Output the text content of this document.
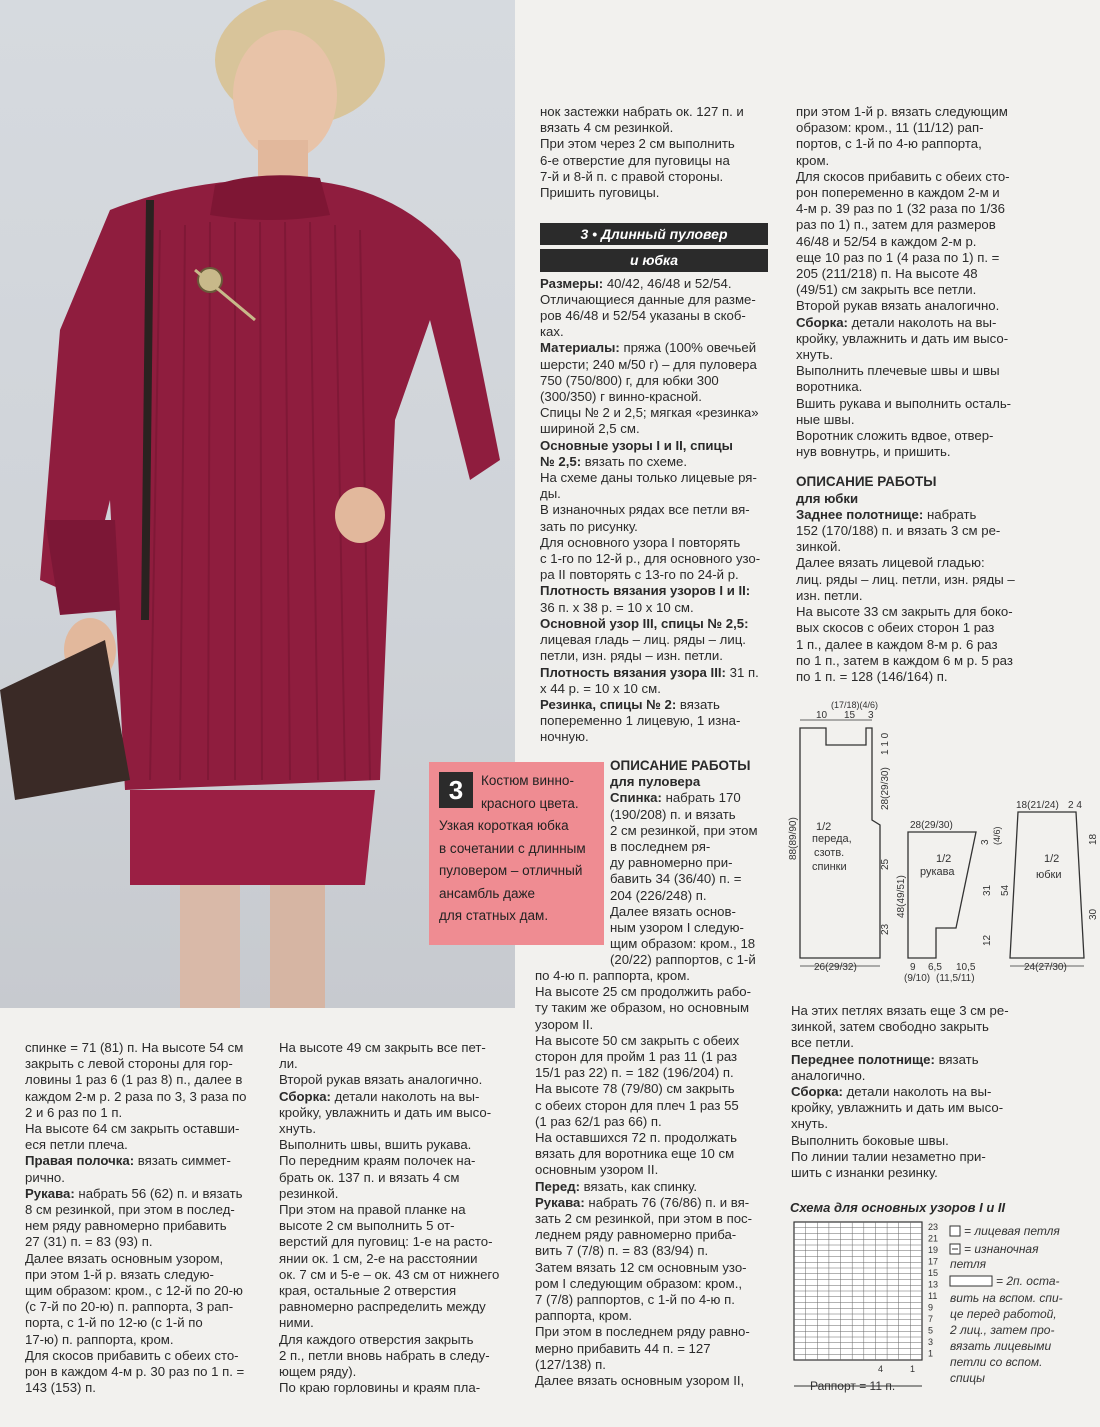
3	Костюм винно-
красного цвета.
Узкая короткая юбка
в сочетании с длинным
пуловером – отличный
ансамбль даже
для статных дам.

нок застежки набрать ок. 127 п. и

вязать 4 см резинкой.

При этом через 2 см выполнить

6-е отверстие для пуговицы на

7-й и 8-й п. с правой стороны.

Пришить пуговицы.

3 • Длинный пуловер
и юбка

Размеры: 40/42, 46/48 и 52/54.

Отличающиеся данные для разме-

ров 46/48 и 52/54 указаны в скоб-

ках.

Материалы: пряжа (100% овечьей

шерсти; 240 м/50 г) – для пуловера

750 (750/800) г, для юбки 300

(300/350) г винно-красной.

Спицы № 2 и 2,5; мягкая «резинка»

шириной 2,5 см.

Основные узоры I и II, спицы

№ 2,5: вязать по схеме.

На схеме даны только лицевые ря-

ды.

В изнаночных рядах все петли вя-

зать по рисунку.

Для основного узора I повторять

с 1-го по 12-й р., для основного узо-

ра II повторять с 13-го по 24-й р.

Плотность вязания узоров I и II:

36 п. х 38 р. = 10 х 10 см.

Основной узор III, спицы № 2,5:

лицевая гладь – лиц. ряды – лиц.

петли, изн. ряды – изн. петли.

Плотность вязания узора III: 31 п.

х 44 р. = 10 х 10 см.

Резинка, спицы № 2: вязать

попеременно 1 лицевую, 1 изна-

ночную.

ОПИСАНИЕ РАБОТЫ

для пуловера

Спинка: набрать 170

(190/208) п. и вязать

2 см резинкой, при этом

в последнем ря-

ду равномерно при-

бавить 34 (36/40) п. =

204 (226/248) п.

Далее вязать основ-

ным узором I следую-

щим образом: кром., 18

(20/22) раппортов, с 1-й

при этом 1-й р. вязать следующим

образом: кром., 11 (11/12) рап-

портов, с 1-й по 4-ю раппорта,

кром.

Для скосов прибавить с обеих сто-

рон попеременно в каждом 2-м и

4-м р. 39 раз по 1 (32 раза по 1/36

раз по 1) п., затем для размеров

46/48 и 52/54 в каждом 2-м р.

еще 10 раз по 1 (4 раза по 1) п. =

205 (211/218) п. На высоте 48

(49/51) см закрыть все петли.

Второй рукав вязать аналогично.

Сборка: детали наколоть на вы-

кройку, увлажнить и дать им высо-

хнуть.

Выполнить плечевые швы и швы

воротника.

Вшить рукава и выполнить осталь-

ные швы.

Воротник сложить вдвое, отвер-

нув вовнутрь, и пришить.

ОПИСАНИЕ РАБОТЫ

для юбки

Заднее полотнище: набрать

152 (170/188) п. и вязать 3 см ре-

зинкой.

Далее вязать лицевой гладью:

лиц. ряды – лиц. петли, изн. ряды –

изн. петли.

На высоте 33 см закрыть для боко-

вых скосов с обеих сторон 1 раз

1 п., далее в каждом 8-м р. 6 раз

по 1 п., затем в каждом 6 м р. 5 раз

по 1 п. = 128 (146/164) п.

10 15 3
(17/18)(4/6)
1/2
переда,
сзотв.
спинки
88(89/90)
28(29/30)
1 1 0
25
23
48(49/51)
26(29/32)
28(29/30)
1/2
рукава
3 (4/6)
31
12
54
9 6,5 10,5
(9/10) (11,5/11)
18(21/24) 2 4
1/2
юбки
18
30
24(27/30)

спинке = 71 (81) п. На высоте 54 см

закрыть с левой стороны для гор-

ловины 1 раз 6 (1 раз 8) п., далее в

каждом 2-м р. 2 раза по 3, 3 раза по

2 и 6 раз по 1 п.

На высоте 64 см закрыть оставши-

еся петли плеча.

Правая полочка: вязать симмет-

рично.

Рукава: набрать 56 (62) п. и вязать

8 см резинкой, при этом в послед-

нем ряду равномерно прибавить

27 (31) п. = 83 (93) п.

Далее вязать основным узором,

при этом 1-й р. вязать следую-

щим образом: кром., с 12-й по 20-ю

(с 7-й по 20-ю) п. раппорта, 3 рап-

порта, с 1-й по 12-ю (с 1-й по

17-ю) п. раппорта, кром.

Для скосов прибавить с обеих сто-

рон в каждом 4-м р. 30 раз по 1 п. =

143 (153) п.

На высоте 49 см закрыть все пет-

ли.

Второй рукав вязать аналогично.

Сборка: детали наколоть на вы-

кройку, увлажнить и дать им высо-

хнуть.

Выполнить швы, вшить рукава.

По передним краям полочек на-

брать ок. 137 п. и вязать 4 см

резинкой.

При этом на правой планке на

высоте 2 см выполнить 5 от-

верстий для пуговиц: 1-е на расто-

янии ок. 1 см, 2-е на расстоянии

ок. 7 см и 5-е – ок. 43 см от нижнего

края, остальные 2 отверстия

равномерно распределить между

ними.

Для каждого отверстия закрыть

2 п., петли вновь набрать в следу-

ющем ряду).

По краю горловины и краям пла-

по 4-ю п. раппорта, кром.

На высоте 25 см продолжить рабо-

ту таким же образом, но основным

узором II.

На высоте 50 см закрыть с обеих

сторон для пройм 1 раз 11 (1 раз

15/1 раз 22) п. = 182 (196/204) п.

На высоте 78 (79/80) см закрыть

с обеих сторон для плеч 1 раз 55

(1 раз 62/1 раз 66) п.

На оставшихся 72 п. продолжать

вязать для воротника еще 10 см

основным узором II.

Перед: вязать, как спинку.

Рукава: набрать 76 (76/86) п. и вя-

зать 2 см резинкой, при этом в пос-

леднем ряду равномерно приба-

вить 7 (7/8) п. = 83 (83/94) п.

Затем вязать 12 см основным узо-

ром I следующим образом: кром.,

7 (7/8) раппортов, с 1-й по 4-ю п.

раппорта, кром.

При этом в последнем ряду равно-

мерно прибавить 44 п. = 127

(127/138) п.

Далее вязать основным узором II,

На этих петлях вязать еще 3 см ре-

зинкой, затем свободно закрыть

все петли.

Переднее полотнище: вязать

аналогично.

Сборка: детали наколоть на вы-

кройку, увлажнить и дать им высо-

хнуть.

Выполнить боковые швы.

По линии талии незаметно при-

шить с изнанки резинку.

Схема для основных узоров I и II
23
21
19
17
15
13
11
9
7
5
3
1
4	1
Раппорт = 11 п.
= лицевая петля
= изнаночная
петля
= 2п. оста-
вить на вспом. спи-
це перед работой,
2 лиц., затем про-
вязать лицевыми
петли со вспом.
спицы
